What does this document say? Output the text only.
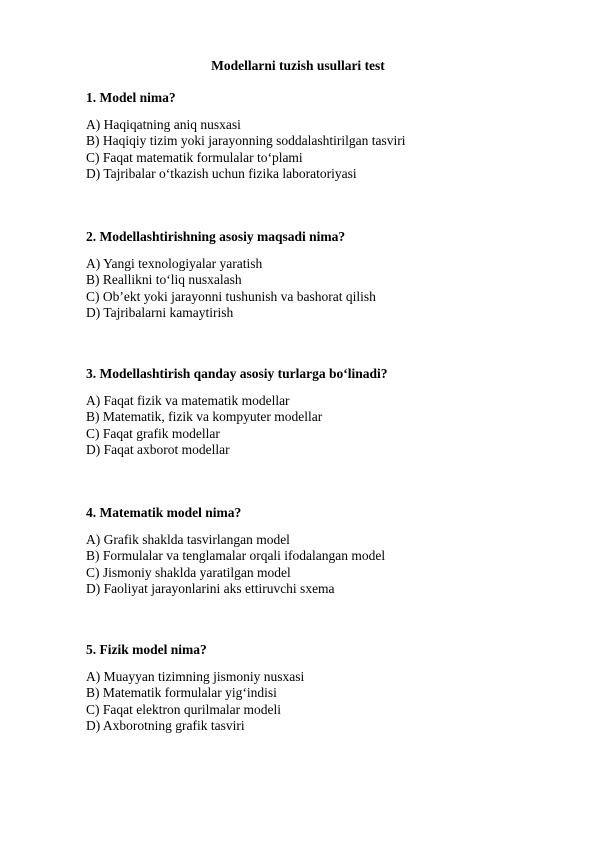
Modellarni tuzish usullari test
1. Model nima?
A) Haqiqatning aniq nusxasi
B) Haqiqiy tizim yoki jarayonning soddalashtirilgan tasviri
C) Faqat matematik formulalar to‘plami
D) Tajribalar o‘tkazish uchun fizika laboratoriyasi
2. Modellashtirishning asosiy maqsadi nima?
A) Yangi texnologiyalar yaratish
B) Reallikni to‘liq nusxalash
C) Ob’ekt yoki jarayonni tushunish va bashorat qilish
D) Tajribalarni kamaytirish
3. Modellashtirish qanday asosiy turlarga bo‘linadi?
A) Faqat fizik va matematik modellar
B) Matematik, fizik va kompyuter modellar
C) Faqat grafik modellar
D) Faqat axborot modellar
4. Matematik model nima?
A) Grafik shaklda tasvirlangan model
B) Formulalar va tenglamalar orqali ifodalangan model
C) Jismoniy shaklda yaratilgan model
D) Faoliyat jarayonlarini aks ettiruvchi sxema
5. Fizik model nima?
A) Muayyan tizimning jismoniy nusxasi
B) Matematik formulalar yig‘indisi
C) Faqat elektron qurilmalar modeli
D) Axborotning grafik tasviri
